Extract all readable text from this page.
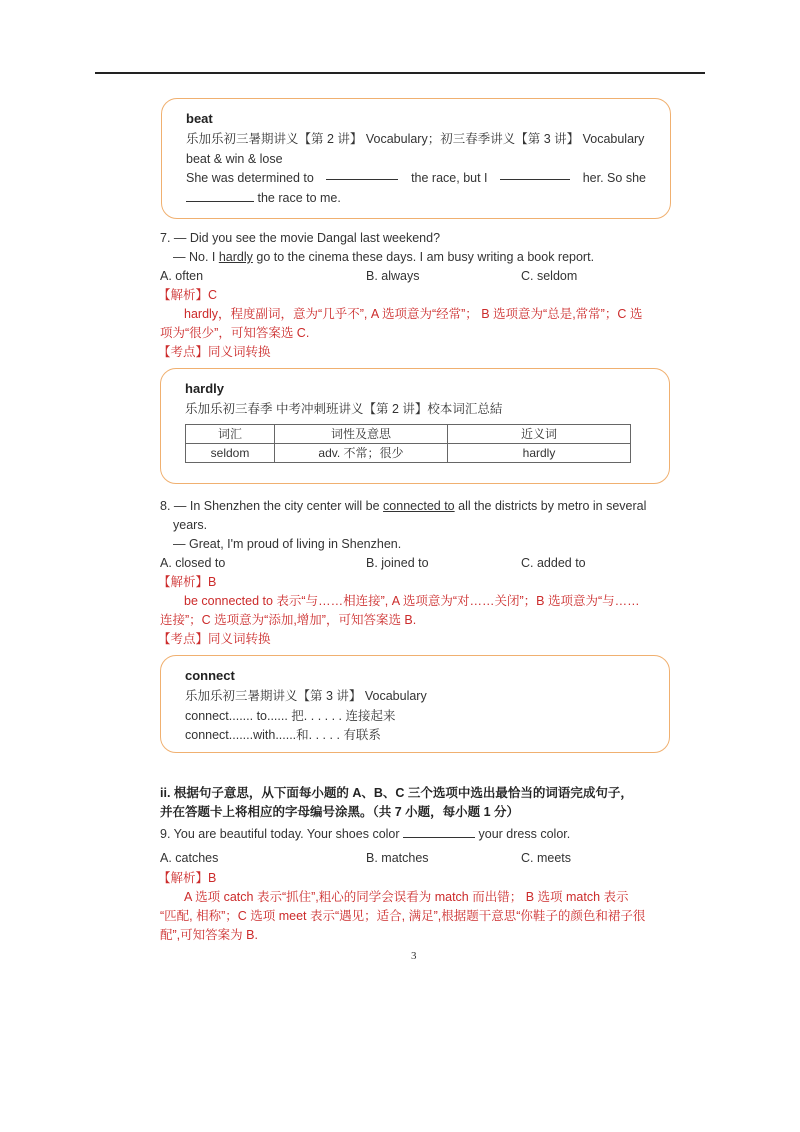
beat
乐加乐初三暑期讲义【第 2 讲】 Vocabulary；初三春季讲义【第 3 讲】 Vocabulary
beat & win & lose
She was determined to	the race, but I	her. So she
the race to me.
7. — Did you see the movie Dangal last weekend?
— No. I hardly go to the cinema these days. I am busy writing a book report.
A. often	B. always	C. seldom
【解析】C
hardly，程度副词，意为“几乎不”, A 选项意为“经常”； B 选项意为“总是,常常”；C 选
项为“很少”，可知答案选 C.
【考点】同义词转换
hardly
乐加乐初三春季 中考冲刺班讲义【第 2 讲】校本词汇总結
词汇	词性及意思	近义词
seldom	adv. 不常；很少	hardly
8. — In Shenzhen the city center will be connected to all the districts by metro in several
years.
— Great, I'm proud of living in Shenzhen.
A. closed to	B. joined to	C. added to
【解析】B
be connected to 表示“与……相连接”, A 选项意为“对……关闭”；B 选项意为“与……
连接”；C 选项意为“添加,增加”，可知答案选 B.
【考点】同义词转换
connect
乐加乐初三暑期讲义【第 3 讲】 Vocabulary
connect....... to...... 把. . . . . . 连接起来
connect.......with......和. . . . . 有联系
ii. 根据句子意思，从下面每小题的 A、B、C 三个选项中选出最恰当的词语完成句子，
并在答题卡上将相应的字母编号涂黑。（共 7 小题，每小题 1 分）
9. You are beautiful today. Your shoes color	your dress color.
A. catches	B. matches	C. meets
【解析】B
A 选项 catch 表示“抓住”,粗心的同学会误看为 match 而出错； B 选项 match 表示
“匹配, 相称”；C 选项 meet 表示“遇见；适合, 满足”,根据题干意思“你鞋子的颜色和裙子很
配”,可知答案为 B.
3
